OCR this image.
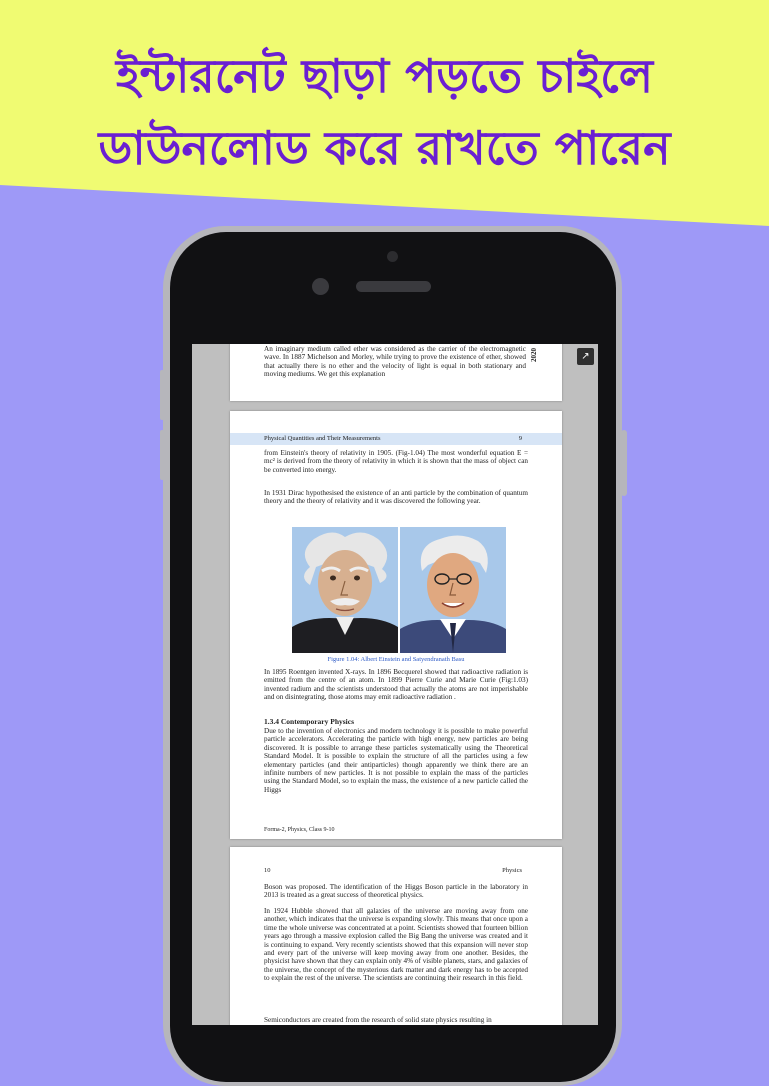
ইন্টারনেট ছাড়া পড়তে চাইলে
ডাউনলোড করে রাখতে পারেন
An imaginary medium called ether was considered as the carrier of the electromagnetic wave. In 1887 Michelson and Morley, while trying to prove the existence of ether, showed that actually there is no ether and the velocity of light is equal in both stationary and moving mediums. We get this explanation
2020	↗
Physical Quantities and Their Measurements	9
from Einstein's theory of relativity in 1905. (Fig-1.04) The most wonderful equation E = mc² is derived from the theory of relativity in which it is shown that the mass of object can be converted into energy.
In 1931 Dirac hypothesised the existence of an anti particle by the combination of quantum theory and the theory of relativity and it was discovered the following year.
Figure 1.04: Albert Einstein and Satyendranath Basu
In 1895 Roentgen invented X-rays. In 1896 Becquerel showed that radioactive radiation is emitted from the centre of an atom. In 1899 Pierre Curie and Marie Curie (Fig:1.03) invented radium and the scientists understood that actually the atoms are not imperishable and on disintegrating, those atoms may emit radioactive radiation .
1.3.4 Contemporary Physics
Due to the invention of electronics and modern technology it is possible to make powerful particle accelerators. Accelerating the particle with high energy, new particles are being discovered. It is possible to arrange these particles systematically using the Theoretical Standard Model. It is possible to explain the structure of all the particles using a few elementary particles (and their antiparticles) though apparently we think there are an infinite numbers of new particles. It is not possible to explain the mass of the particles using the Standard Model, so to explain the mass, the existence of a new particle called the Higgs
Forma-2, Physics, Class 9-10
10	Physics
Boson was proposed. The identification of the Higgs Boson particle in the laboratory in 2013 is treated as a great success of theoretical physics.
In 1924 Hubble showed that all galaxies of the universe are moving away from one another, which indicates that the universe is expanding slowly. This means that once upon a time the whole universe was concentrated at a point. Scientists showed that fourteen billion years ago through a massive explosion called the Big Bang the universe was created and it is continuing to expand. Very recently scientists showed that this expansion will never stop and every part of the universe will keep moving away from one another. Besides, the physicist have shown that they can explain only 4% of visible planets, stars, and galaxies of the universe, the concept of the mysterious dark matter and dark energy has to be accepted to explain the rest of the universe. The scientists are continuing their research in this field.
Semiconductors are created from the research of solid state physics resulting in
